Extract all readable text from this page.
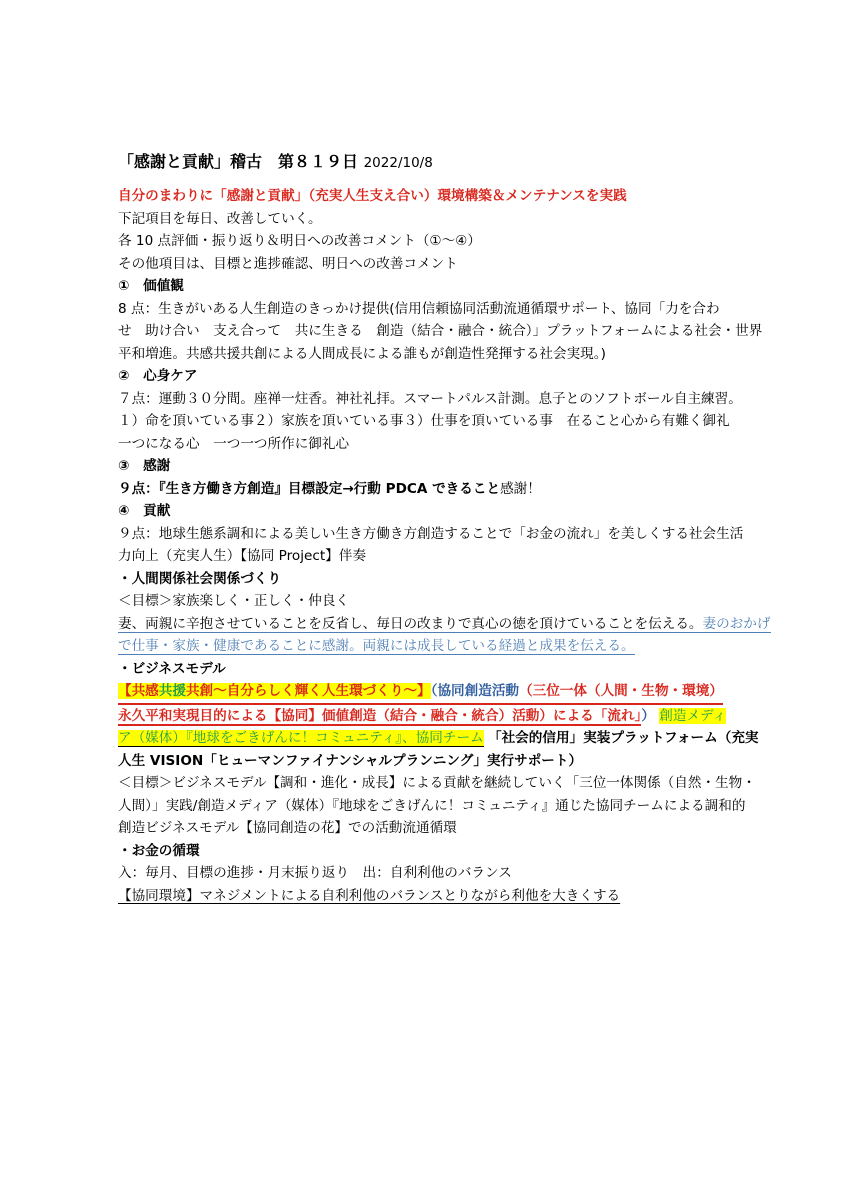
「感謝と貢献」稽古　第８１９日 2022/10/8
自分のまわりに「感謝と貢献」（充実人生支え合い）環境構築＆メンテナンスを実践
下記項目を毎日、改善していく。
各 10 点評価・振り返り＆明日への改善コメント（①～④）
その他項目は、目標と進捗確認、明日への改善コメント
①　価値観
8 点：生きがいある人生創造のきっかけ提供(信用信頼協同活動流通循環サポート、協同「力を合わ
せ　助け合い　支え合って　共に生きる　創造（結合・融合・統合）」プラットフォームによる社会・世界
平和増進。共感共援共創による人間成長による誰もが創造性発揮する社会実現。)
②　心身ケア
７点：運動３０分間。座禅一炷香。神社礼拝。スマートパルス計測。息子とのソフトボール自主練習。
１）命を頂いている事２）家族を頂いている事３）仕事を頂いている事　在ること心から有難く御礼
一つになる心　一つ一つ所作に御礼心
③　感謝
９点：『生き方働き方創造』目標設定→行動 PDCA できること感謝！
④　貢献
９点：地球生態系調和による美しい生き方働き方創造することで「お金の流れ」を美しくする社会生活
力向上（充実人生）【協同 Project】伴奏
・人間関係社会関係づくり
＜目標＞家族楽しく・正しく・仲良く
妻、両親に辛抱させていることを反省し、毎日の改まりで真心の徳を頂けていることを伝える。妻のおかげ
で仕事・家族・健康であることに感謝。両親には成長している経過と成果を伝える。
・ビジネスモデル
【共感共援共創～自分らしく輝く人生環づくり～】（協同創造活動（三位一体（人間・生物・環境）
永久平和実現目的による【協同】価値創造（結合・融合・統合）活動）による「流れ」） 創造メディ
ア（媒体）『地球をごきげんに！コミュニティ』、協同チーム 「社会的信用」実装プラットフォーム（充実
人生 VISION「ヒューマンファイナンシャルプランニング」実行サポート）
＜目標＞ビジネスモデル【調和・進化・成長】による貢献を継続していく「三位一体関係（自然・生物・
人間）」実践/創造メディア（媒体）『地球をごきげんに！コミュニティ』通じた協同チームによる調和的
創造ビジネスモデル【協同創造の花】での活動流通循環
・お金の循環
入：毎月、目標の進捗・月末振り返り　出：自利利他のバランス
【協同環境】マネジメントによる自利利他のバランスとりながら利他を大きくする
